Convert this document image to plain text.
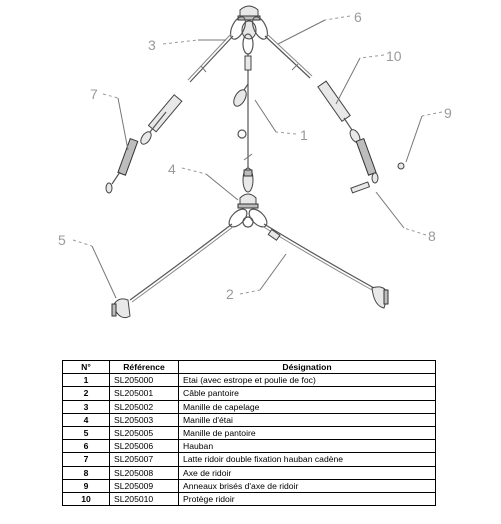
3
6
10
7
1
9
4
8
5
2
N°	Référence	Désignation
1	SL205000	Etai (avec estrope et poulie de foc)
2	SL205001	Câble pantoire
3	SL205002	Manille de capelage
4	SL205003	Manille d'étai
5	SL205005	Manille de pantoire
6	SL205006	Hauban
7	SL205007	Latte ridoir double fixation hauban cadène
8	SL205008	Axe de ridoir
9	SL205009	Anneaux brisés d'axe de ridoir
10	SL205010	Protège ridoir
